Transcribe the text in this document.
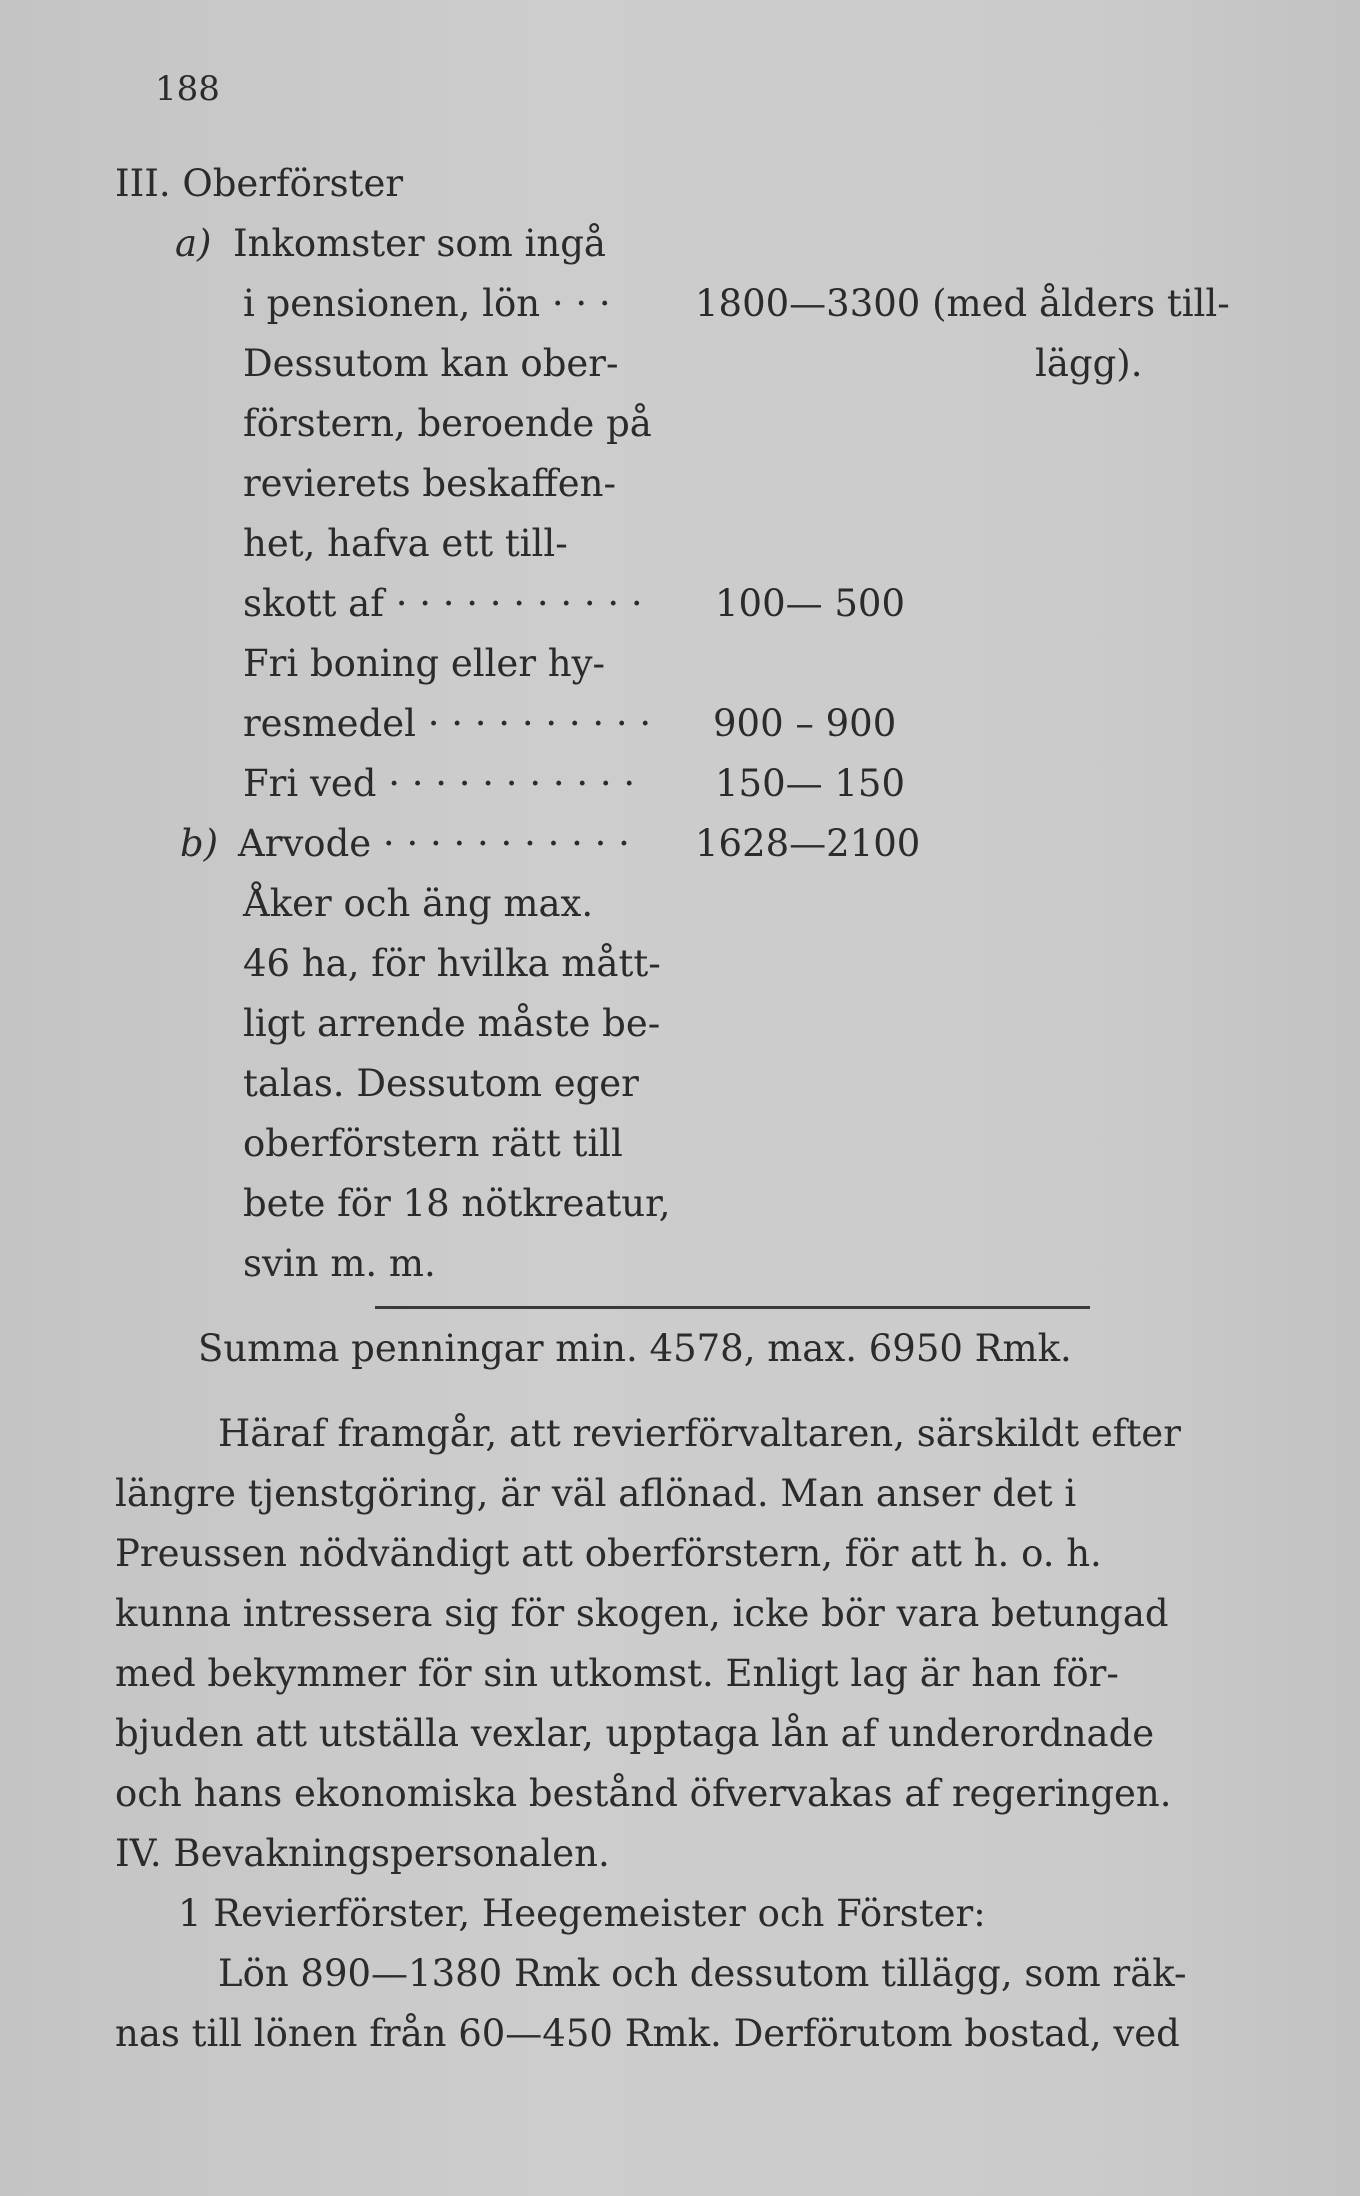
188
III. Oberförster
a) Inkomster som ingå
i pensionen, lön · · ·
Dessutom kan ober-
förstern, beroende på
revierets beskaffen-
het, hafva ett till-
skott af · · · · · · · · · · ·
Fri boning eller hy-
resmedel · · · · · · · · · ·
Fri ved · · · · · · · · · · ·
b) Arvode · · · · · · · · · · ·
Åker och äng max.
46 ha, för hvilka mått-
ligt arrende måste be-
talas. Dessutom eger
oberförstern rätt till
bete för 18 nötkreatur,
svin m. m.
1800—3300 (med ålders till-
lägg).
100— 500
900 – 900
150— 150
1628—2100
Summa penningar min. 4578, max. 6950 Rmk.
Häraf framgår, att revierförvaltaren, särskildt efter
längre tjenstgöring, är väl aflönad. Man anser det i
Preussen nödvändigt att oberförstern, för att h. o. h.
kunna intressera sig för skogen, icke bör vara betungad
med bekymmer för sin utkomst. Enligt lag är han för-
bjuden att utställa vexlar, upptaga lån af underordnade
och hans ekonomiska bestånd öfvervakas af regeringen.
IV. Bevakningspersonalen.
1 Revierförster, Heegemeister och Förster:
Lön 890—1380 Rmk och dessutom tillägg, som räk-
nas till lönen från 60—450 Rmk. Derförutom bostad, ved
